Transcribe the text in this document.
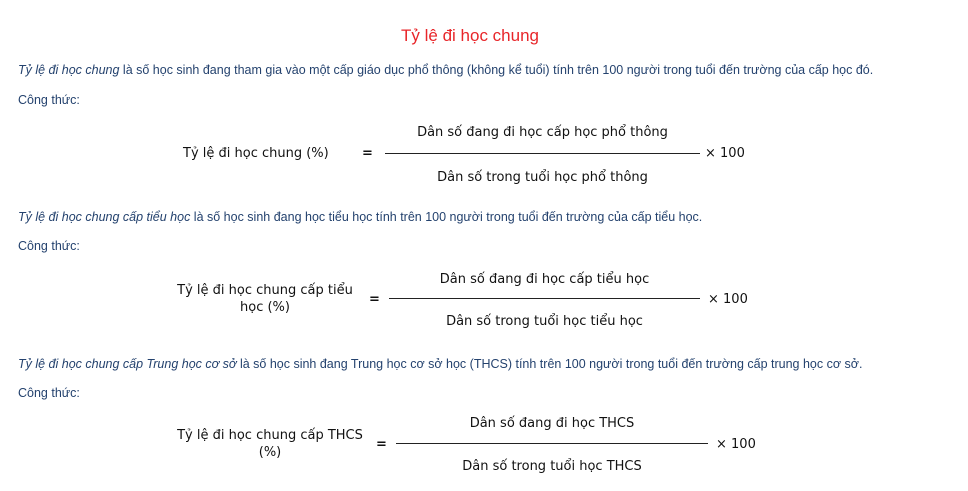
Tỷ lệ đi học chung
Tỷ lệ đi học chung là số học sinh đang tham gia vào một cấp giáo dục phổ thông (không kể tuổi) tính trên 100 người trong tuổi đến trường của cấp học đó.
Công thức:
Tỷ lệ đi học chung (%)	=
Dân số đang đi học cấp học phổ thông
Dân số trong tuổi học phổ thông
× 100
Tỷ lệ đi học chung cấp tiểu học là số học sinh đang học tiểu học tính trên 100 người trong tuổi đến trường của cấp tiểu học.
Công thức:
Tỷ lệ đi học chung cấp tiểu
học (%)
=
Dân số đang đi học cấp tiểu học
Dân số trong tuổi học tiểu học
× 100
Tỷ lệ đi học chung cấp Trung học cơ sở là số học sinh đang Trung học cơ sở học (THCS) tính trên 100 người trong tuổi đến trường cấp trung học cơ sở.
Công thức:
Tỷ lệ đi học chung cấp THCS
(%)
=
Dân số đang đi học THCS
Dân số trong tuổi học THCS
× 100
